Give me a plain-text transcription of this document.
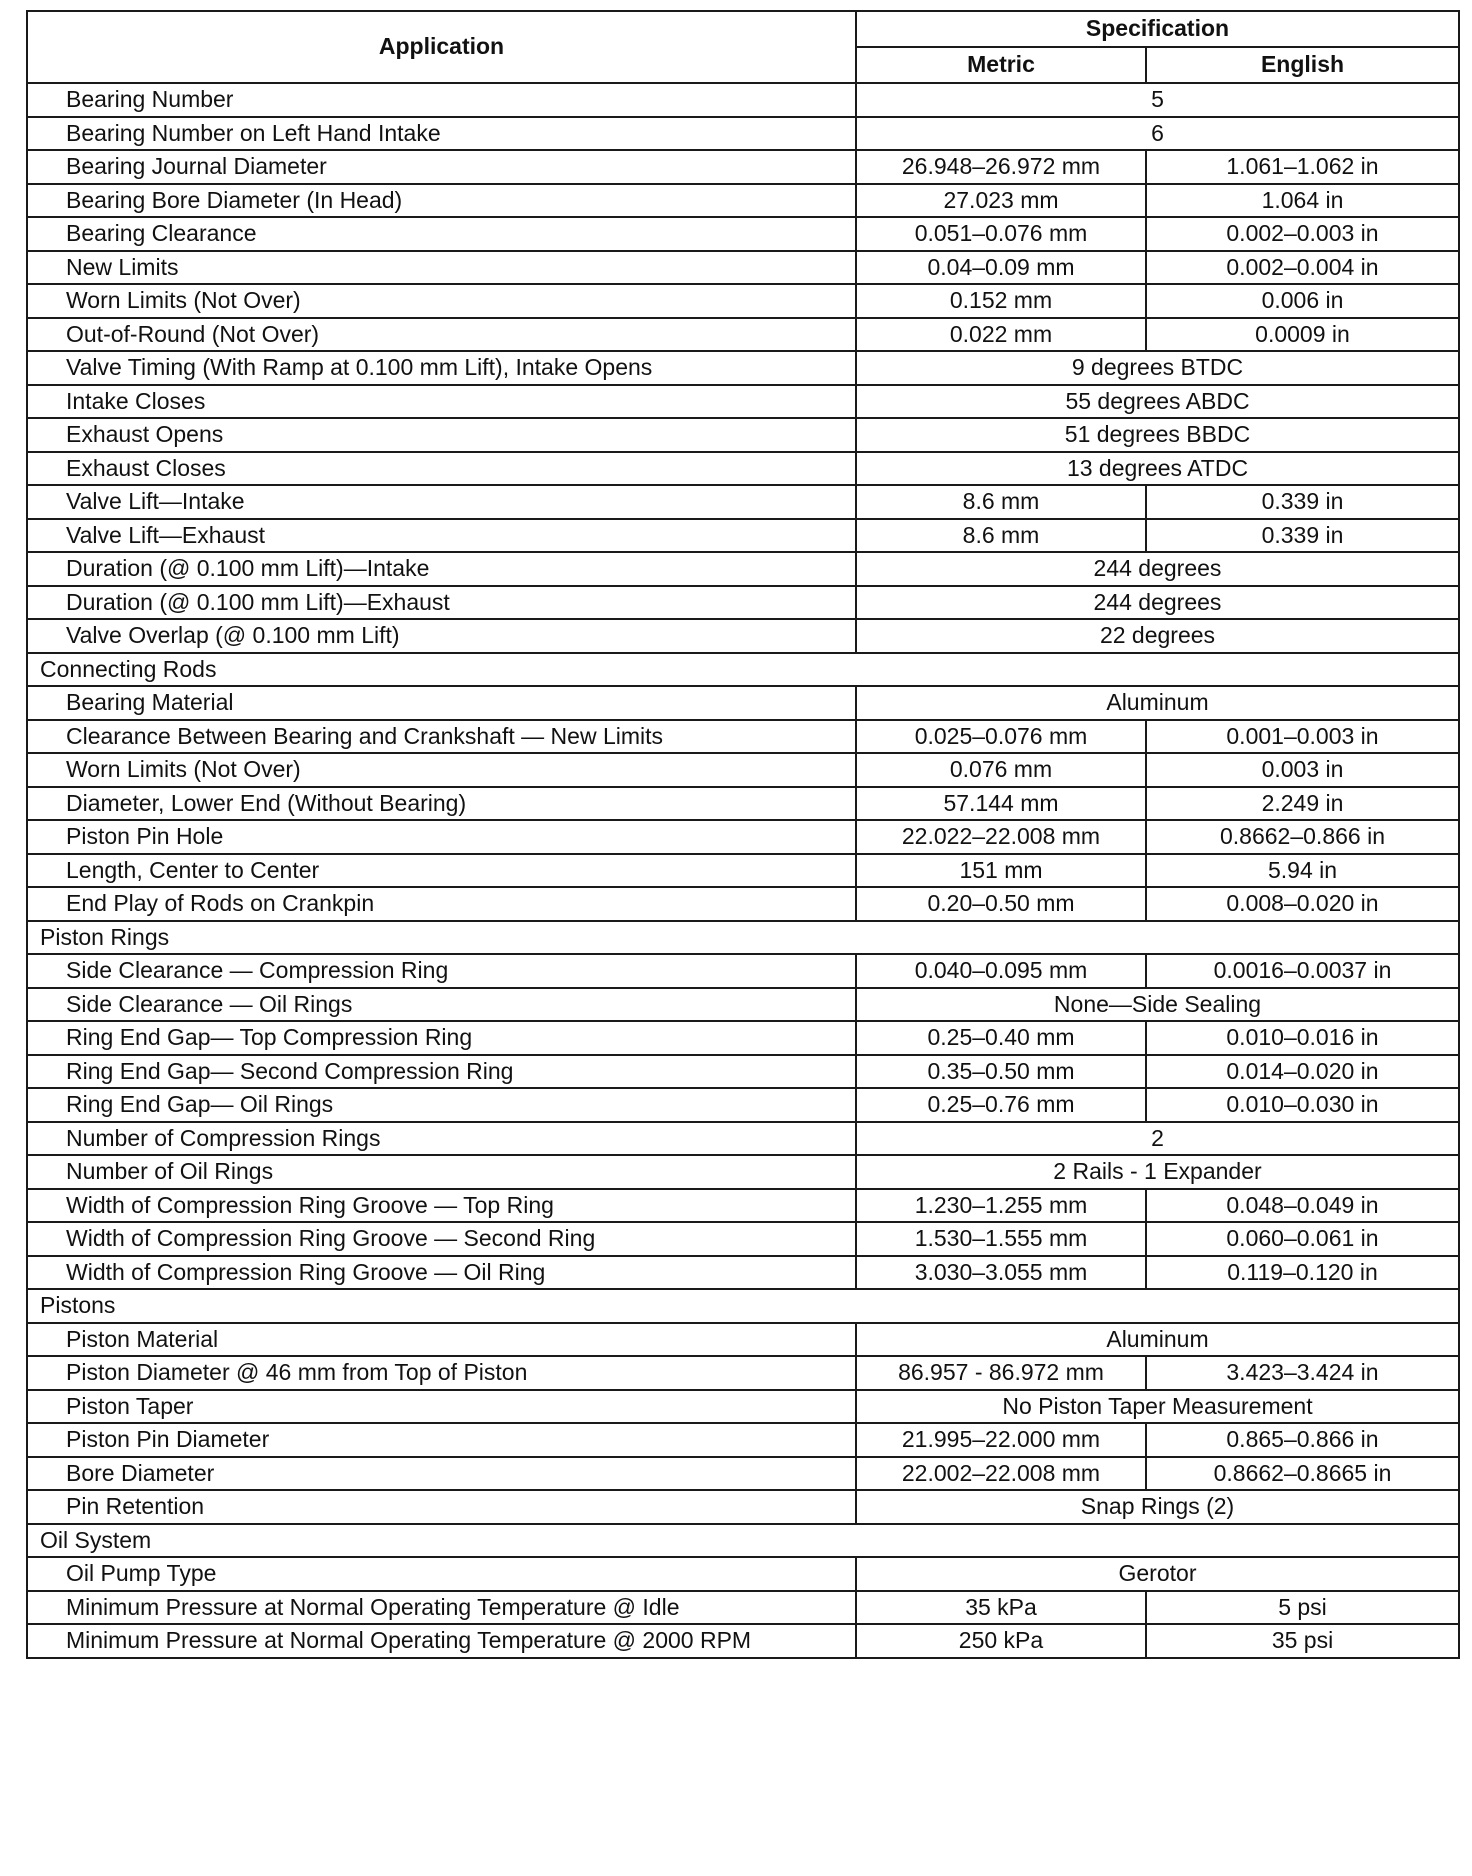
Application	Specification	
	Metric	English
Bearing Number	5	
Bearing Number on Left Hand Intake	6	
Bearing Journal Diameter	26.948–26.972 mm	1.061–1.062 in
Bearing Bore Diameter (In Head)	27.023 mm	1.064 in
Bearing Clearance	0.051–0.076 mm	0.002–0.003 in
New Limits	0.04–0.09 mm	0.002–0.004 in
Worn Limits (Not Over)	0.152 mm	0.006 in
Out-of-Round (Not Over)	0.022 mm	0.0009 in
Valve Timing (With Ramp at 0.100 mm Lift), Intake Opens	9 degrees BTDC	
Intake Closes	55 degrees ABDC	
Exhaust Opens	51 degrees BBDC	
Exhaust Closes	13 degrees ATDC	
Valve Lift—Intake	8.6 mm	0.339 in
Valve Lift—Exhaust	8.6 mm	0.339 in
Duration (@ 0.100 mm Lift)—Intake	244 degrees	
Duration (@ 0.100 mm Lift)—Exhaust	244 degrees	
Valve Overlap (@ 0.100 mm Lift)	22 degrees	
Connecting Rods		
Bearing Material	Aluminum	
Clearance Between Bearing and Crankshaft — New Limits	0.025–0.076 mm	0.001–0.003 in
Worn Limits (Not Over)	0.076 mm	0.003 in
Diameter, Lower End (Without Bearing)	57.144 mm	2.249 in
Piston Pin Hole	22.022–22.008 mm	0.8662–0.866 in
Length, Center to Center	151 mm	5.94 in
End Play of Rods on Crankpin	0.20–0.50 mm	0.008–0.020 in
Piston Rings		
Side Clearance — Compression Ring	0.040–0.095 mm	0.0016–0.0037 in
Side Clearance — Oil Rings	None—Side Sealing	
Ring End Gap— Top Compression Ring	0.25–0.40 mm	0.010–0.016 in
Ring End Gap— Second Compression Ring	0.35–0.50 mm	0.014–0.020 in
Ring End Gap— Oil Rings	0.25–0.76 mm	0.010–0.030 in
Number of Compression Rings	2	
Number of Oil Rings	2 Rails - 1 Expander	
Width of Compression Ring Groove — Top Ring	1.230–1.255 mm	0.048–0.049 in
Width of Compression Ring Groove — Second Ring	1.530–1.555 mm	0.060–0.061 in
Width of Compression Ring Groove — Oil Ring	3.030–3.055 mm	0.119–0.120 in
Pistons		
Piston Material	Aluminum	
Piston Diameter @ 46 mm from Top of Piston	86.957 - 86.972 mm	3.423–3.424 in
Piston Taper	No Piston Taper Measurement	
Piston Pin Diameter	21.995–22.000 mm	0.865–0.866 in
Bore Diameter	22.002–22.008 mm	0.8662–0.8665 in
Pin Retention	Snap Rings (2)	
Oil System		
Oil Pump Type	Gerotor	
Minimum Pressure at Normal Operating Temperature @ Idle	35 kPa	5 psi
Minimum Pressure at Normal Operating Temperature @ 2000 RPM	250 kPa	35 psi
